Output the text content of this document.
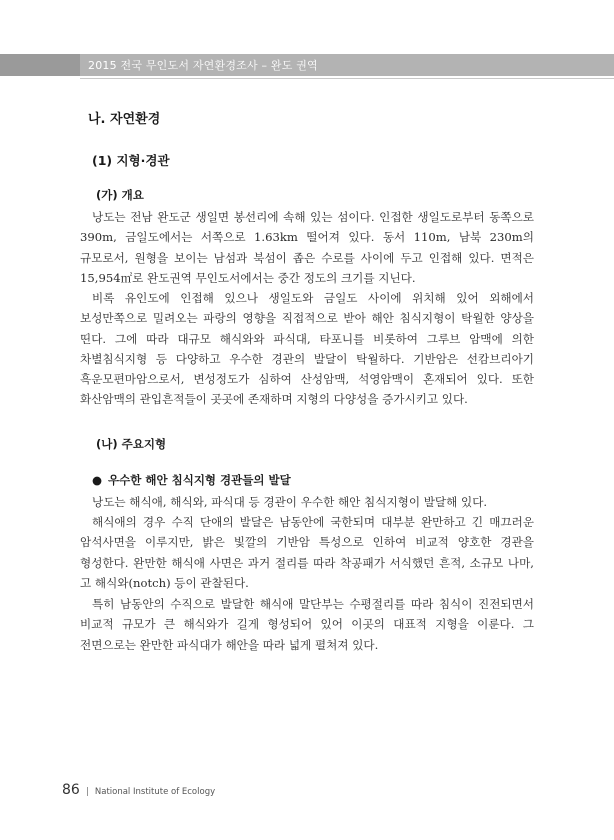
2015 전국 무인도서 자연환경조사 – 완도 권역
나. 자연환경
(1) 지형·경관
(가) 개요

낭도는 전남 완도군 생일면 봉선리에 속해 있는 섬이다. 인접한 생일도로부터 동쪽으로 390m, 금일도에서는 서쪽으로 1.63km 떨어져 있다. 동서 110m, 남북 230m의 규모로서, 원형을 보이는 남섬과 북섬이 좁은 수로를 사이에 두고 인접해 있다. 면적은 15,954㎡로 완도권역 무인도서에서는 중간 정도의 크기를 지닌다.

비록 유인도에 인접해 있으나 생일도와 금일도 사이에 위치해 있어 외해에서 보성만쪽으로 밀려오는 파랑의 영향을 직접적으로 받아 해안 침식지형이 탁월한 양상을 띤다. 그에 따라 대규모 해식와와 파식대, 타포니를 비롯하여 그루브 암맥에 의한 차별침식지형 등 다양하고 우수한 경관의 발달이 탁월하다. 기반암은 선캄브리아기 흑운모편마암으로서, 변성정도가 심하여 산성암맥, 석영암맥이 혼재되어 있다. 또한 화산암맥의 관입흔적들이 곳곳에 존재하며 지형의 다양성을 증가시키고 있다.

(나) 주요지형
● 우수한 해안 침식지형 경관들의 발달

낭도는 해식애, 해식와, 파식대 등 경관이 우수한 해안 침식지형이 발달해 있다.

해식애의 경우 수직 단애의 발달은 남동안에 국한되며 대부분 완만하고 긴 매끄러운 암석사면을 이루지만, 밝은 빛깔의 기반암 특성으로 인하여 비교적 양호한 경관을 형성한다. 완만한 해식애 사면은 과거 절리를 따라 착공패가 서식했던 흔적, 소규모 나마, 고 해식와(notch) 등이 관찰된다.

특히 남동안의 수직으로 발달한 해식애 말단부는 수평절리를 따라 침식이 진전되면서 비교적 규모가 큰 해식와가 길게 형성되어 있어 이곳의 대표적 지형을 이룬다. 그 전면으로는 완만한 파식대가 해안을 따라 넓게 펼쳐져 있다.

86 | National Institute of Ecology
